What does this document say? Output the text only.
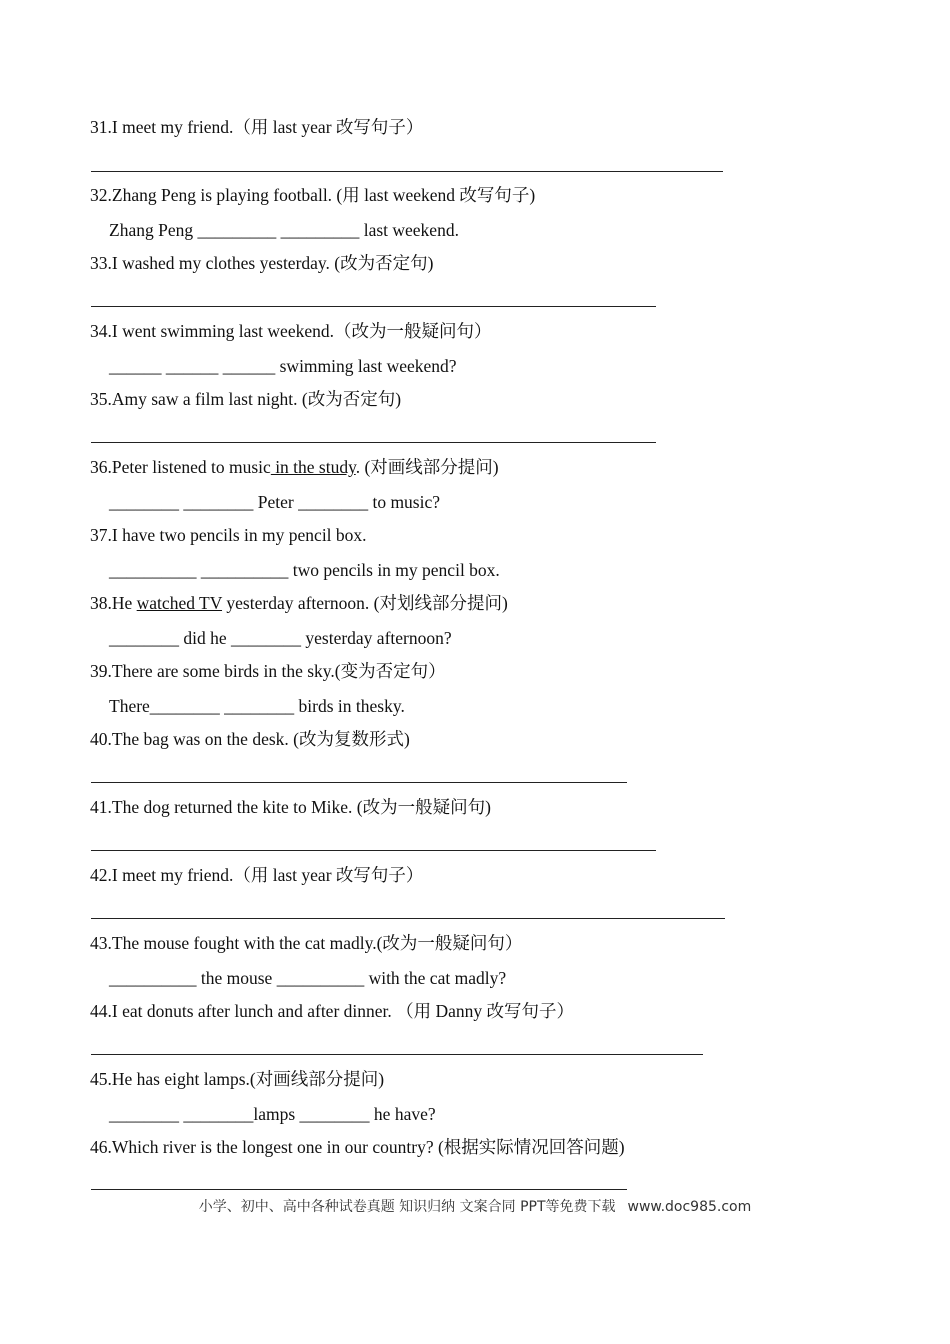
31.I meet my friend.（用 last year 改写句子）
32.Zhang Peng is playing football. (用 last weekend 改写句子)
Zhang Peng _________ _________ last weekend.
33.I washed my clothes yesterday. (改为否定句)
34.I went swimming last weekend.（改为一般疑问句）
______ ______ ______ swimming last weekend?
35.Amy saw a film last night. (改为否定句)
36.Peter listened to music in the study. (对画线部分提问)
________ ________ Peter ________ to music?
37.I have two pencils in my pencil box.
__________ __________ two pencils in my pencil box.
38.He watched TV yesterday afternoon. (对划线部分提问)
________ did he ________ yesterday afternoon?
39.There are some birds in the sky.(变为否定句）
There________ ________ birds in thesky.
40.The bag was on the desk. (改为复数形式)
41.The dog returned the kite to Mike. (改为一般疑问句)
42.I meet my friend.（用 last year 改写句子）
43.The mouse fought with the cat madly.(改为一般疑问句）
__________ the mouse __________ with the cat madly?
44.I eat donuts after lunch and after dinner. （用 Danny 改写句子）
45.He has eight lamps.(对画线部分提问)
________ ________lamps ________ he have?
46.Which river is the longest one in our country? (根据实际情况回答问题)
小学、初中、高中各种试卷真题 知识归纳 文案合同 PPT等免费下载 www.doc985.com
